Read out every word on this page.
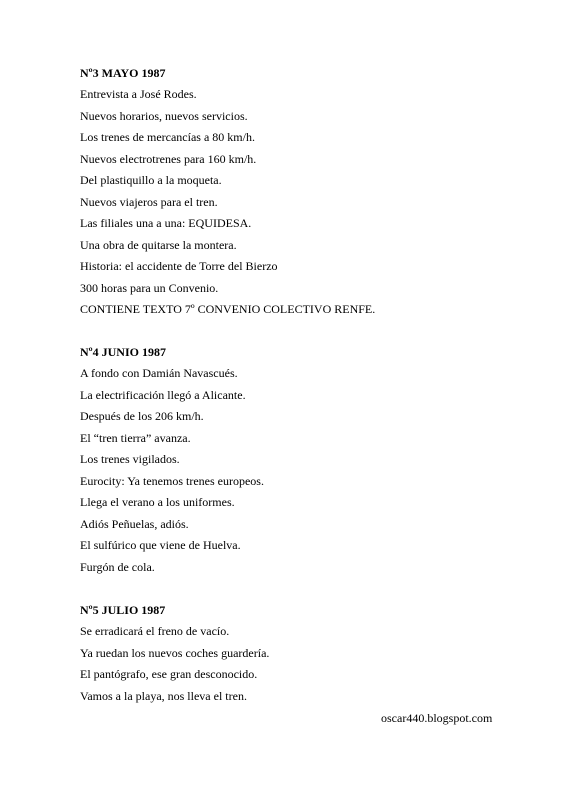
Nº3 MAYO 1987
Entrevista a José Rodes.
Nuevos horarios, nuevos servicios.
Los trenes de mercancías a 80 km/h.
Nuevos electrotrenes para 160 km/h.
Del plastiquillo a la moqueta.
Nuevos viajeros para el tren.
Las filiales una a una: EQUIDESA.
Una obra de quitarse la montera.
Historia: el accidente de Torre del Bierzo
300 horas para un Convenio.
CONTIENE TEXTO 7º CONVENIO COLECTIVO RENFE.
Nº4 JUNIO 1987
A fondo con Damián Navascués.
La electrificación llegó a Alicante.
Después de los 206 km/h.
El “tren tierra” avanza.
Los trenes vigilados.
Eurocity: Ya tenemos trenes europeos.
Llega el verano a los uniformes.
Adiós Peñuelas, adiós.
El sulfúrico que viene de Huelva.
Furgón de cola.
Nº5 JULIO 1987
Se erradicará el freno de vacío.
Ya ruedan los nuevos coches guardería.
El pantógrafo, ese gran desconocido.
Vamos a la playa, nos lleva el tren.
oscar440.blogspot.com
